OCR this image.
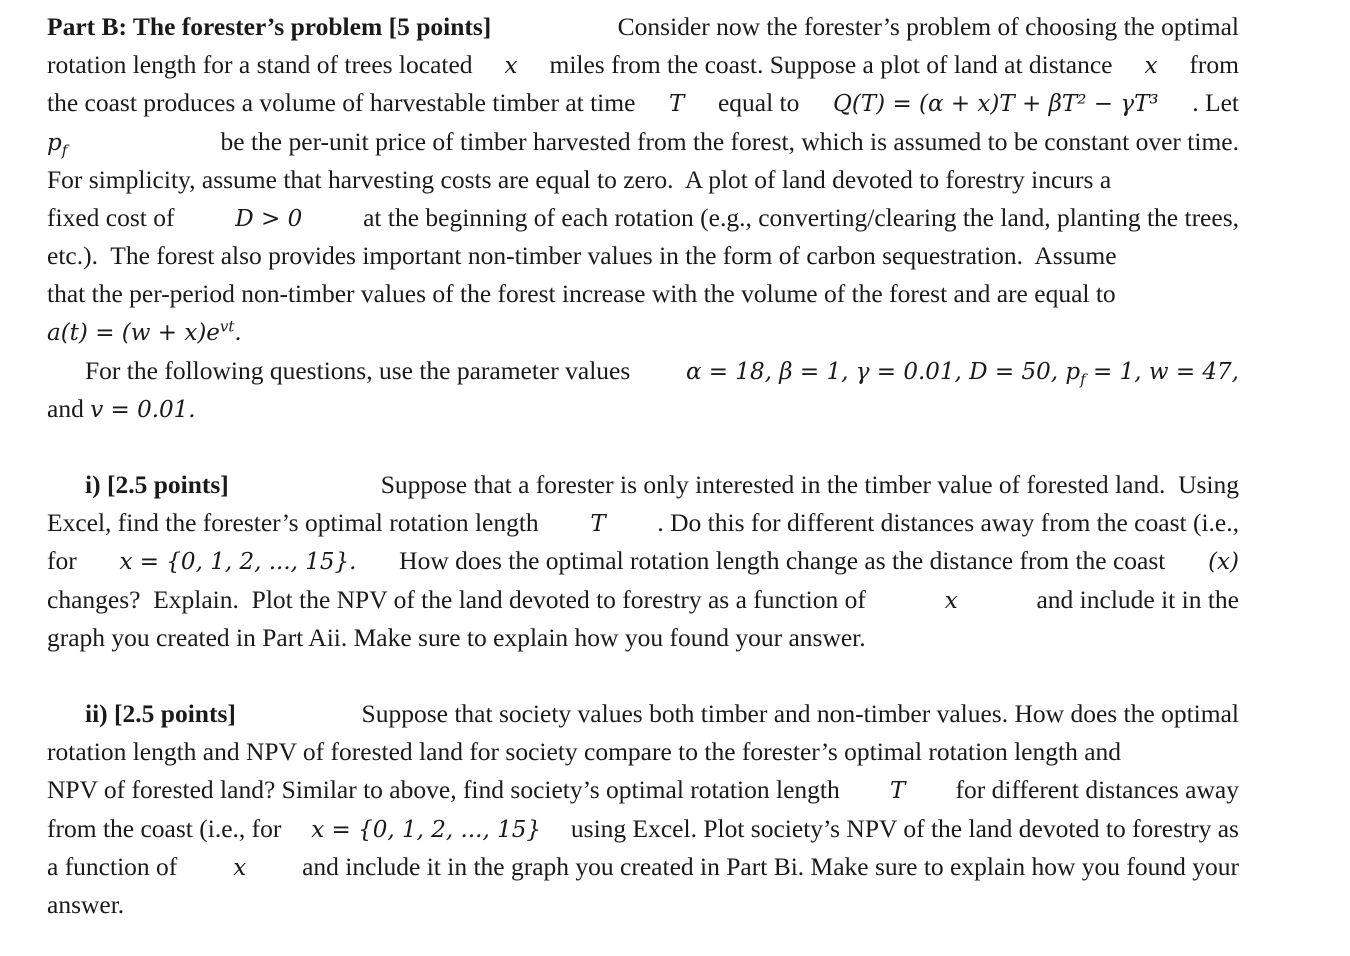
Part B: The forester’s problem [5 points]	Consider now the forester’s problem of choosing the optimal
rotation length for a stand of trees located x miles from the coast. Suppose a plot of land at distance x from
the coast produces a volume of harvestable timber at time T equal to Q(T) = (α + x)T + βT² − γT³ . Let
$p_f$	be the per-unit price of timber harvested from the forest, which is assumed to be constant over time.
For simplicity, assume that harvesting costs are equal to zero.  A plot of land devoted to forestry incurs a
fixed cost of	D > 0 at the beginning of each rotation (e.g., converting/clearing the land, planting the trees,
etc.).  The forest also provides important non-timber values in the form of carbon sequestration.  Assume
that the per-period non-timber values of the forest increase with the volume of the forest and are equal to
$a(t) = (w + x)e^{vt}$.
For the following questions, use the parameter values α = 18, β = 1, γ = 0.01, D = 50, $p_f = 1$, w = 47,
and
v = 0.01.
i) [2.5 points]	Suppose that a forester is only interested in the timber value of forested land.  Using
Excel, find the forester’s optimal rotation length T . Do this for different distances away from the coast (i.e.,
for x = {0, 1, 2, ..., 15}. How does the optimal rotation length change as the distance from the coast (x)
changes?  Explain.  Plot the NPV of the land devoted to forestry as a function of	x	and include it in the
graph you created in Part Aii. Make sure to explain how you found your answer.
ii) [2.5 points]	Suppose that society values both timber and non-timber values. How does the optimal
rotation length and NPV of forested land for society compare to the forester’s optimal rotation length and
NPV of forested land? Similar to above, find society’s optimal rotation length T for different distances away
from the coast (i.e., for x = {0, 1, 2, ..., 15} using Excel. Plot society’s NPV of the land devoted to forestry as
a function of x and include it in the graph you created in Part Bi. Make sure to explain how you found your
answer.
